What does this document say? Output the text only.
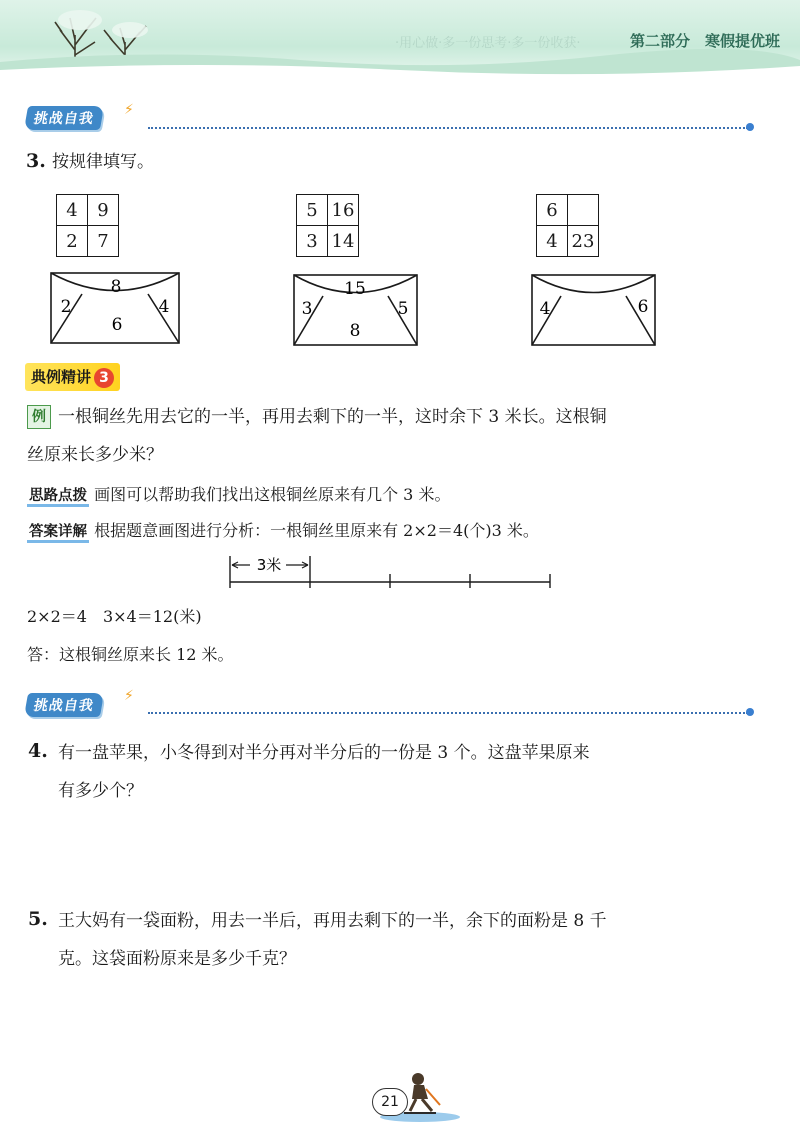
·用心做·多一份思考·多一份收获·	第二部分　 寒假提优班
挑战自我
⚡
3. 按规律填写。
4	9
2	7
5	16
3	14
6	
4	23
8
2	4
6
15
3	5
8
4	6
典例精讲 3
例 一根铜丝先用去它的一半，再用去剩下的一半，这时余下 3 米长。这根铜
丝原来长多少米？
思路点拨 画图可以帮助我们找出这根铜丝原来有几个 3 米。
答案详解 根据题意画图进行分析：一根铜丝里原来有 2×2＝4(个)3 米。
3米
2×2＝4　3×4＝12(米)
答：这根铜丝原来长 12 米。
挑战自我
⚡
4. 有一盘苹果，小冬得到对半分再对半分后的一份是 3 个。这盘苹果原来
有多少个？
5. 王大妈有一袋面粉，用去一半后，再用去剩下的一半，余下的面粉是 8 千
克。这袋面粉原来是多少千克？
21
